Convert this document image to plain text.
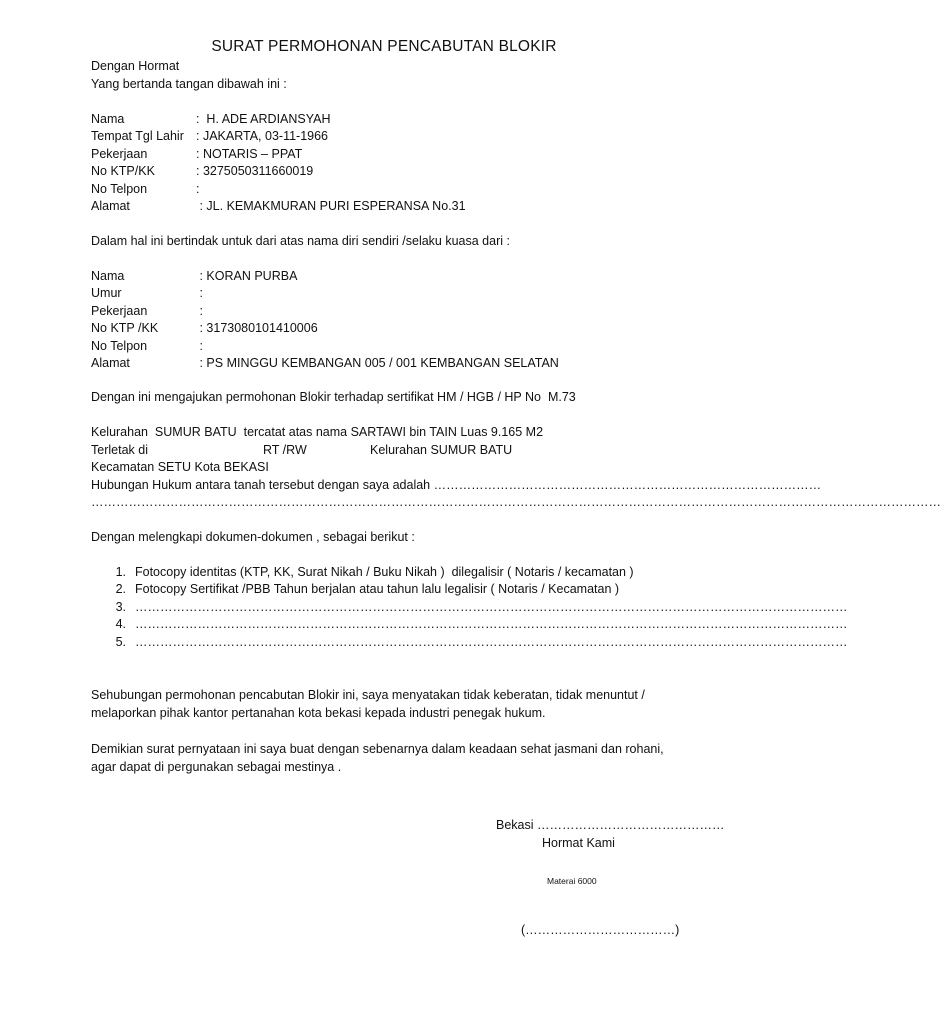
SURAT PERMOHONAN PENCABUTAN BLOKIR
Dengan Hormat
Yang bertanda tangan dibawah ini :
Nama	:  H. ADE ARDIANSYAH
Tempat Tgl Lahir : JAKARTA, 03-11-1966
Pekerjaan	: NOTARIS – PPAT
No KTP/KK	: 3275050311660019
No Telpon	:
Alamat	: JL. KEMAKMURAN PURI ESPERANSA No.31
Dalam hal ini bertindak untuk dari atas nama diri sendiri /selaku kuasa dari :
Nama	: KORAN PURBA
Umur	:
Pekerjaan	:
No KTP /KK	: 3173080101410006
No Telpon	:
Alamat	: PS MINGGU KEMBANGAN 005 / 001 KEMBANGAN SELATAN
Dengan ini mengajukan permohonan Blokir terhadap sertifikat HM / HGB / HP No  M.73
Kelurahan  SUMUR BATU  tercatat atas nama SARTAWI bin TAIN Luas 9.165 M2
Terletak di	RT /RW	Kelurahan SUMUR BATU
Kecamatan SETU Kota BEKASI
Hubungan Hukum antara tanah tersebut dengan saya adalah …………………………………………………………………………………
……………………………………………………………………………………………………………………………………………………………………………………
Dengan melengkapi dokumen-dokumen , sebagai berikut :
1. Fotocopy identitas (KTP, KK, Surat Nikah / Buku Nikah )  dilegalisir ( Notaris / kecamatan )
2. Fotocopy Sertifikat /PBB Tahun berjalan atau tahun lalu legalisir ( Notaris / Kecamatan )
3. ………………………………………………………………………………………………………………………………………………………
4. ………………………………………………………………………………………………………………………………………………………
5. ………………………………………………………………………………………………………………………………………………………
Sehubungan permohonan pencabutan Blokir ini, saya menyatakan tidak keberatan, tidak menuntut /
melaporkan pihak kantor pertanahan kota bekasi kepada industri penegak hukum.
Demikian surat pernyataan ini saya buat dengan sebenarnya dalam keadaan sehat jasmani dan rohani,
agar dapat di pergunakan sebagai mestinya .
Bekasi ………………………………………
Hormat Kami
Materai 6000
(………………………………)
